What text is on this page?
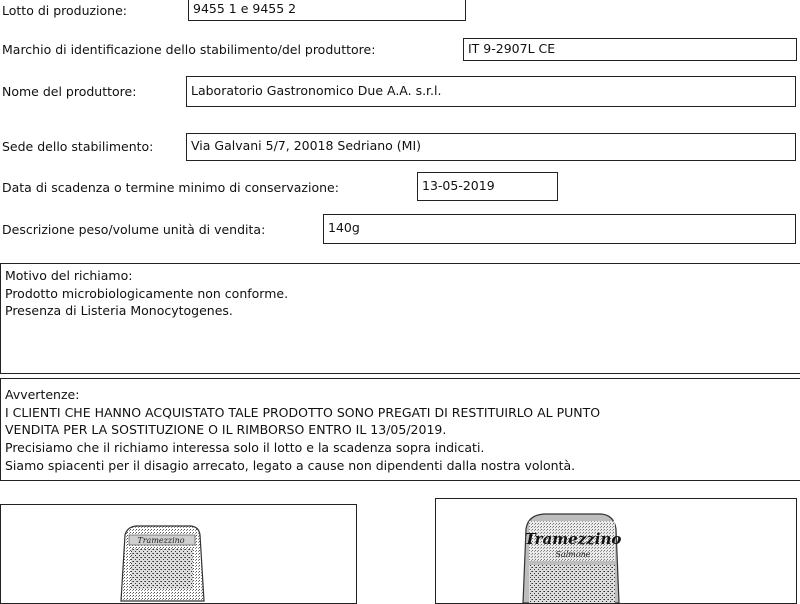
Lotto di produzione:	9455 1 e 9455 2
Marchio di identificazione dello stabilimento/del produttore:	IT 9-2907L CE
Nome del produttore:	Laboratorio Gastronomico Due A.A. s.r.l.
Sede dello stabilimento:	Via Galvani 5/7, 20018 Sedriano (MI)
Data di scadenza o termine minimo di conservazione:	13-05-2019
Descrizione peso/volume unità di vendita:	140g
Motivo del richiamo:
Prodotto microbiologicamente non conforme.
Presenza di Listeria Monocytogenes.
Avvertenze:
I CLIENTI CHE HANNO ACQUISTATO TALE PRODOTTO SONO PREGATI DI RESTITUIRLO AL PUNTO
VENDITA PER LA SOSTITUZIONE O IL RIMBORSO ENTRO IL 13/05/2019.
Precisiamo che il richiamo interessa solo il lotto e la scadenza sopra indicati.
Siamo spiacenti per il disagio arrecato, legato a cause non dipendenti dalla nostra volontà.
Tramezzino	Tramezzino
Salmone
